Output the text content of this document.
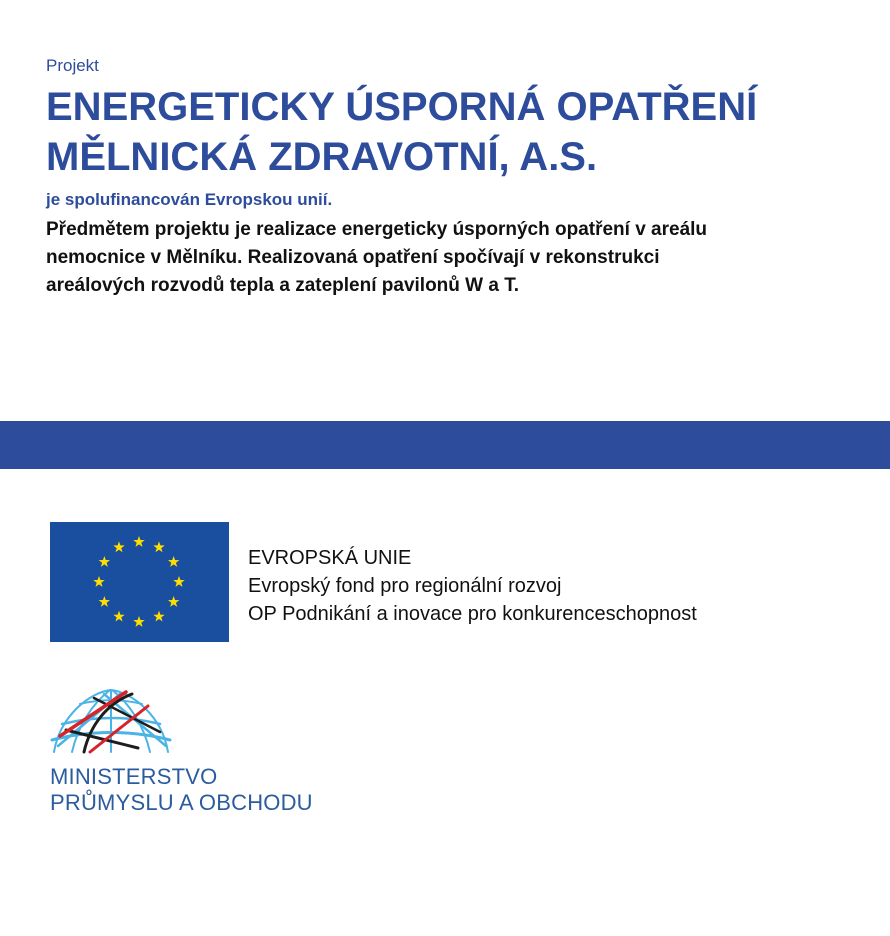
Projekt
ENERGETICKY ÚSPORNÁ OPATŘENÍ
MĚLNICKÁ ZDRAVOTNÍ, A.S.
je spolufinancován Evropskou unií.
Předmětem projektu je realizace energeticky úsporných opatření v areálu
nemocnice v Mělníku. Realizovaná opatření spočívají v rekonstrukci
areálových rozvodů tepla a zateplení pavilonů W a T.
EVROPSKÁ UNIE
Evropský fond pro regionální rozvoj
OP Podnikání a inovace pro konkurenceschopnost
MINISTERSTVO
PRŮMYSLU A OBCHODU
